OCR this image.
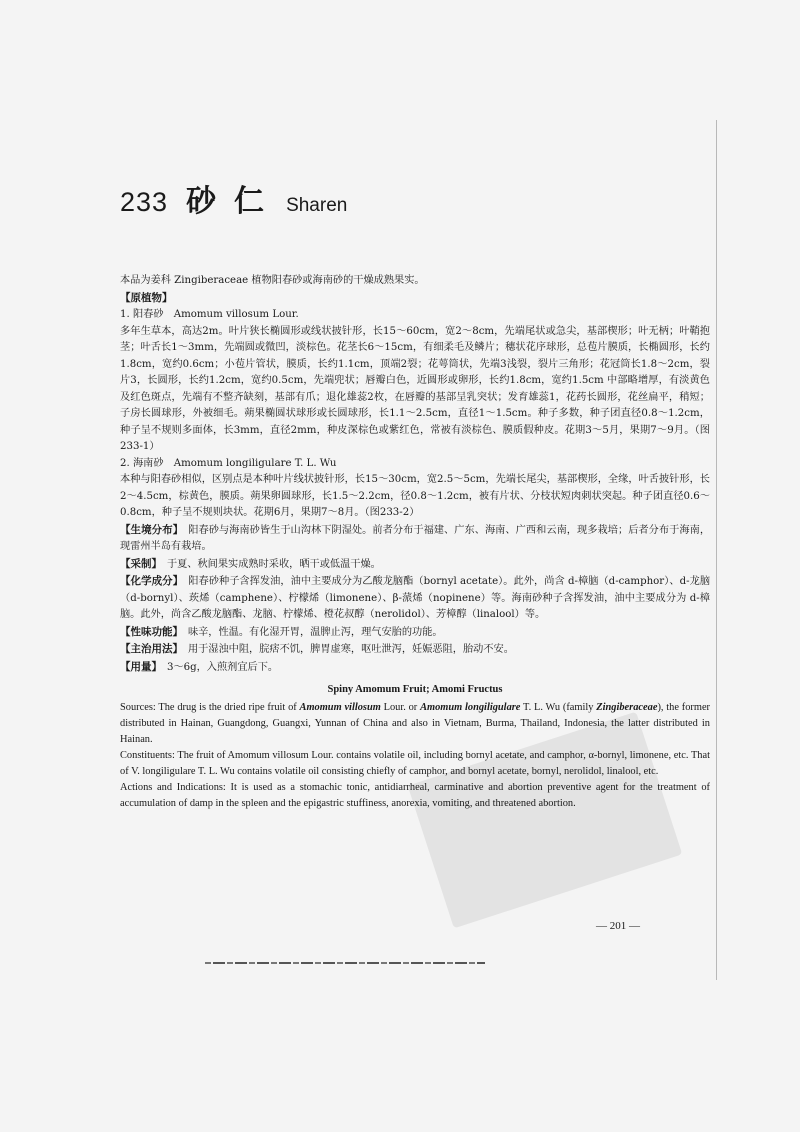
233 砂仁 Sharen

本品为姜科 Zingiberaceae 植物阳春砂或海南砂的干燥成熟果实。

【原植物】

1. 阳春砂　Amomum villosum Lour.

多年生草本，高达2m。叶片狭长椭圆形或线状披针形，长15～60cm，宽2～8cm，先端尾状或急尖，基部楔形；叶无柄；叶鞘抱茎；叶舌长1～3mm，先端圆或微凹，淡棕色。花茎长6～15cm，有细柔毛及鳞片；穗状花序球形，总苞片膜质，长椭圆形，长约1.8cm，宽约0.6cm；小苞片管状，膜质，长约1.1cm，顶端2裂；花萼筒状，先端3浅裂，裂片三角形；花冠筒长1.8～2cm，裂片3，长圆形，长约1.2cm，宽约0.5cm，先端兜状；唇瓣白色，近圆形或卵形，长约1.8cm，宽约1.5cm 中部略增厚，有淡黄色及红色斑点，先端有不整齐缺刻，基部有爪；退化雄蕊2枚，在唇瓣的基部呈乳突状；发育雄蕊1，花药长圆形，花丝扁平，稍短；子房长圆球形，外被细毛。蒴果椭圆状球形或长圆球形，长1.1～2.5cm，直径1～1.5cm。种子多数，种子团直径0.8～1.2cm，种子呈不规则多面体，长3mm，直径2mm，种皮深棕色或紫红色，常被有淡棕色、膜质假种皮。花期3～5月，果期7～9月。（图233-1）

2. 海南砂　Amomum longiligulare T. L. Wu

本种与阳春砂相似，区别点是本种叶片线状披针形，长15～30cm，宽2.5～5cm，先端长尾尖，基部楔形，全缘，叶舌披针形，长2～4.5cm，棕黄色，膜质。蒴果卵圆球形，长1.5～2.2cm，径0.8～1.2cm，被有片状、分枝状短肉刺状突起。种子团直径0.6～0.8cm，种子呈不规则块状。花期6月，果期7～8月。（图233-2）

【生境分布】　 阳春砂与海南砂皆生于山沟林下阴湿处。前者分布于福建、广东、海南、广西和云南，现多栽培；后者分布于海南，现雷州半岛有栽培。

【采制】　 于夏、秋间果实成熟时采收，晒干或低温干燥。

【化学成分】　 阳春砂种子含挥发油，油中主要成分为乙酸龙脑酯（bornyl acetate）。此外，尚含 d-樟脑（d-camphor）、d-龙脑（d-bornyl）、莰烯（camphene）、柠檬烯（limonene）、β-蒎烯（nopinene）等。海南砂种子含挥发油，油中主要成分为 d-樟脑。此外，尚含乙酸龙脑酯、龙脑、柠檬烯、橙花叔醇（nerolidol）、芳樟醇（linalool）等。

【性味功能】　 味辛，性温。有化湿开胃，温脾止泻，理气安胎的功能。

【主治用法】　 用于湿浊中阻，脘痞不饥，脾胃虚寒，呕吐泄泻，妊娠恶阻，胎动不安。

【用量】　 3～6g，入煎剂宜后下。

Spiny Amomum Fruit; Amomi Fructus

Sources: The drug is the dried ripe fruit of Amomum villosum Lour. or Amomum longiligulare T. L. Wu (family Zingiberaceae), the former distributed in Hainan, Guangdong, Guangxi, Yunnan of China and also in Vietnam, Burma, Thailand, Indonesia, the latter distributed in Hainan.

Constituents: The fruit of Amomum villosum Lour. contains volatile oil, including bornyl acetate, and camphor, α-bornyl, limonene, etc. That of V. longiligulare T. L. Wu contains volatile oil consisting chiefly of camphor, and bornyl acetate, bornyl, nerolidol, linalool, etc.

Actions and Indications: It is used as a stomachic tonic, antidiarrheal, carminative and abortion preventive agent for the treatment of accumulation of damp in the spleen and the epigastric stuffiness, anorexia, vomiting, and threatened abortion.

— 201 —
